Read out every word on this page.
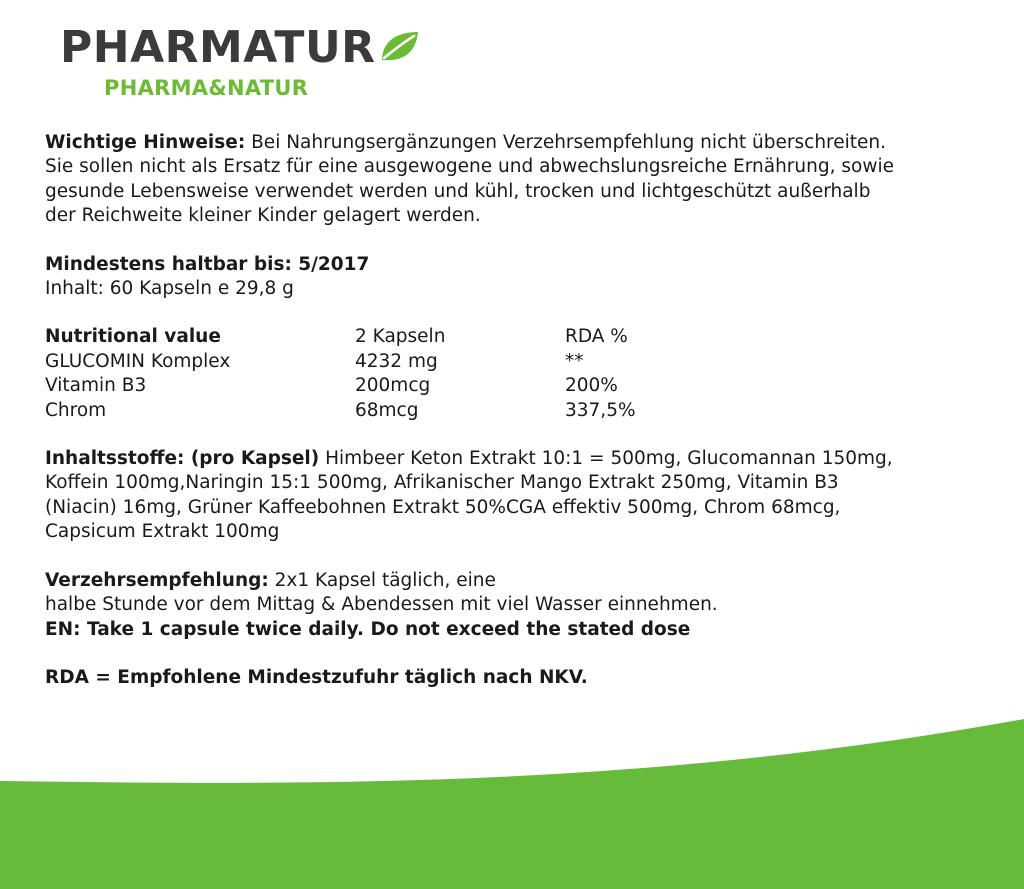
PHARMATUR
PHARMA&NATUR

Wichtige Hinweise: Bei Nahrungsergänzungen Verzehrsempfehlung nicht überschreiten.

Sie sollen nicht als Ersatz für eine ausgewogene und abwechslungsreiche Ernährung, sowie

gesunde Lebensweise verwendet werden und kühl, trocken und lichtgeschützt außerhalb

der Reichweite kleiner Kinder gelagert werden.

Mindestens haltbar bis: 5/2017

Inhalt: 60 Kapseln e 29,8 g

Nutritional value	2 Kapseln	RDA %
GLUCOMIN Komplex	4232 mg	**
Vitamin B3	200mcg	200%
Chrom	68mcg	337,5%

Inhaltsstoffe: (pro Kapsel) Himbeer Keton Extrakt 10:1 = 500mg, Glucomannan 150mg,

Koffein 100mg,Naringin 15:1 500mg, Afrikanischer Mango Extrakt 250mg, Vitamin B3

(Niacin) 16mg, Grüner Kaffeebohnen Extrakt 50%CGA effektiv 500mg, Chrom 68mcg,

Capsicum Extrakt 100mg

Verzehrsempfehlung: 2x1 Kapsel täglich, eine

halbe Stunde vor dem Mittag & Abendessen mit viel Wasser einnehmen.

EN: Take 1 capsule twice daily. Do not exceed the stated dose

RDA = Empfohlene Mindestzufuhr täglich nach NKV.
